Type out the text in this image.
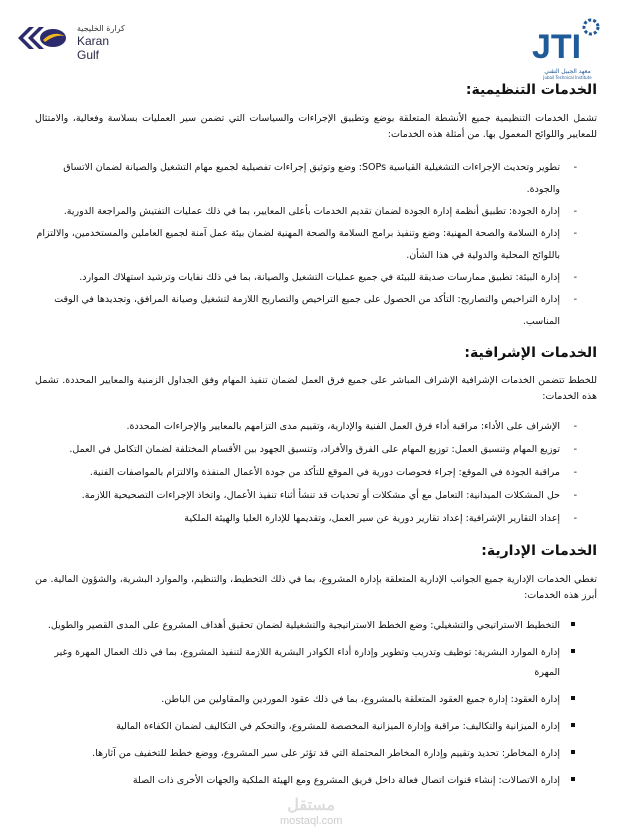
كرارة الخليجية
Karan Gulf	JTI
معهد الجبيل التقني
Jubail Technical Institute
الخدمات التنظيمية:

تشمل الخدمات التنظيمية جميع الأنشطة المتعلقة بوضع وتطبيق الإجراءات والسياسات التي تضمن سير العمليات بسلاسة وفعالية، والامتثال للمعايير واللوائح المعمول بها. من أمثلة هذه الخدمات:

-
تطوير وتحديث الإجراءات التشغيلية القياسية SOPs: وضع وتوثيق إجراءات تفصيلية لجميع مهام التشغيل والصيانة لضمان الاتساق والجودة.
-
إدارة الجودة: تطبيق أنظمة إدارة الجودة لضمان تقديم الخدمات بأعلى المعايير، بما في ذلك عمليات التفتيش والمراجعة الدورية.
-
إدارة السلامة والصحة المهنية: وضع وتنفيذ برامج السلامة والصحة المهنية لضمان بيئة عمل آمنة لجميع العاملين والمستخدمين، والالتزام باللوائح المحلية والدولية في هذا الشأن.
-
إدارة البيئة: تطبيق ممارسات صديقة للبيئة في جميع عمليات التشغيل والصيانة، بما في ذلك نفايات وترشيد استهلاك الموارد.
-
إدارة التراخيص والتصاريح: التأكد من الحصول على جميع التراخيص والتصاريح اللازمة لتشغيل وصيانة المرافق، وتجديدها في الوقت المناسب.
الخدمات الإشرافية:

للخطط تتضمن الخدمات الإشرافية الإشراف المباشر على جميع فرق العمل لضمان تنفيذ المهام وفق الجداول الزمنية والمعايير المحددة. تشمل هذه الخدمات:

-
الإشراف على الأداء: مراقبة أداء فرق العمل الفنية والإدارية، وتقييم مدى التزامهم بالمعايير والإجراءات المحددة.
-
توزيع المهام وتنسيق العمل: توزيع المهام على الفرق والأفراد، وتنسيق الجهود بين الأقسام المختلفة لضمان التكامل في العمل.
-
مراقبة الجودة في الموقع: إجراء فحوصات دورية في الموقع للتأكد من جودة الأعمال المنفذة والالتزام بالمواصفات الفنية.
-
حل المشكلات الميدانية: التعامل مع أي مشكلات أو تحديات قد تنشأ أثناء تنفيذ الأعمال، واتخاذ الإجراءات التصحيحية اللازمة.
-
إعداد التقارير الإشرافية: إعداد تقارير دورية عن سير العمل، وتقديمها للإدارة العليا والهيئة الملكية
الخدمات الإدارية:

تغطي الخدمات الإدارية جميع الجوانب الإدارية المتعلقة بإدارة المشروع، بما في ذلك التخطيط، والتنظيم، والموارد البشرية، والشؤون المالية. من أبرز هذه الخدمات:

التخطيط الاستراتيجي والتشغيلي: وضع الخطط الاستراتيجية والتشغيلية لضمان تحقيق أهداف المشروع على المدى القصير والطويل.
إدارة الموارد البشرية: توظيف وتدريب وتطوير وإدارة أداء الكوادر البشرية اللازمة لتنفيذ المشروع، بما في ذلك العمال المهرة وغير المهرة
إدارة العقود: إدارة جميع العقود المتعلقة بالمشروع، بما في ذلك عقود الموردين والمقاولين من الباطن.
إدارة الميزانية والتكاليف: مراقبة وإدارة الميزانية المخصصة للمشروع، والتحكم في التكاليف لضمان الكفاءة المالية
إدارة المخاطر: تحديد وتقييم وإدارة المخاطر المحتملة التي قد تؤثر على سير المشروع، ووضع خطط للتخفيف من آثارها.
إدارة الاتصالات: إنشاء قنوات اتصال فعالة داخل فريق المشروع ومع الهيئة الملكية والجهات الأخرى ذات الصلة
مستقل
mostaql.com
